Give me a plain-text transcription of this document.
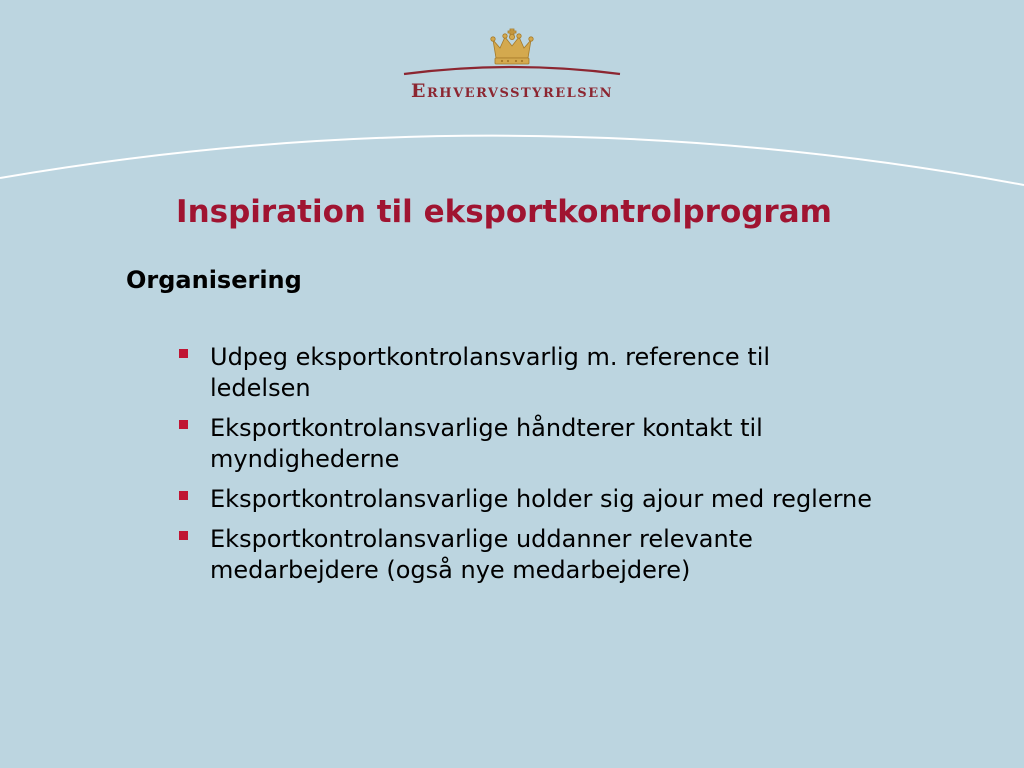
Erhvervsstyrelsen
Inspiration til eksportkontrolprogram
Organisering
Udpeg eksportkontrolansvarlig m. reference til ledelsen
Eksportkontrolansvarlige håndterer kontakt til myndighederne
Eksportkontrolansvarlige holder sig ajour med reglerne
Eksportkontrolansvarlige uddanner relevante medarbejdere (også nye medarbejdere)
